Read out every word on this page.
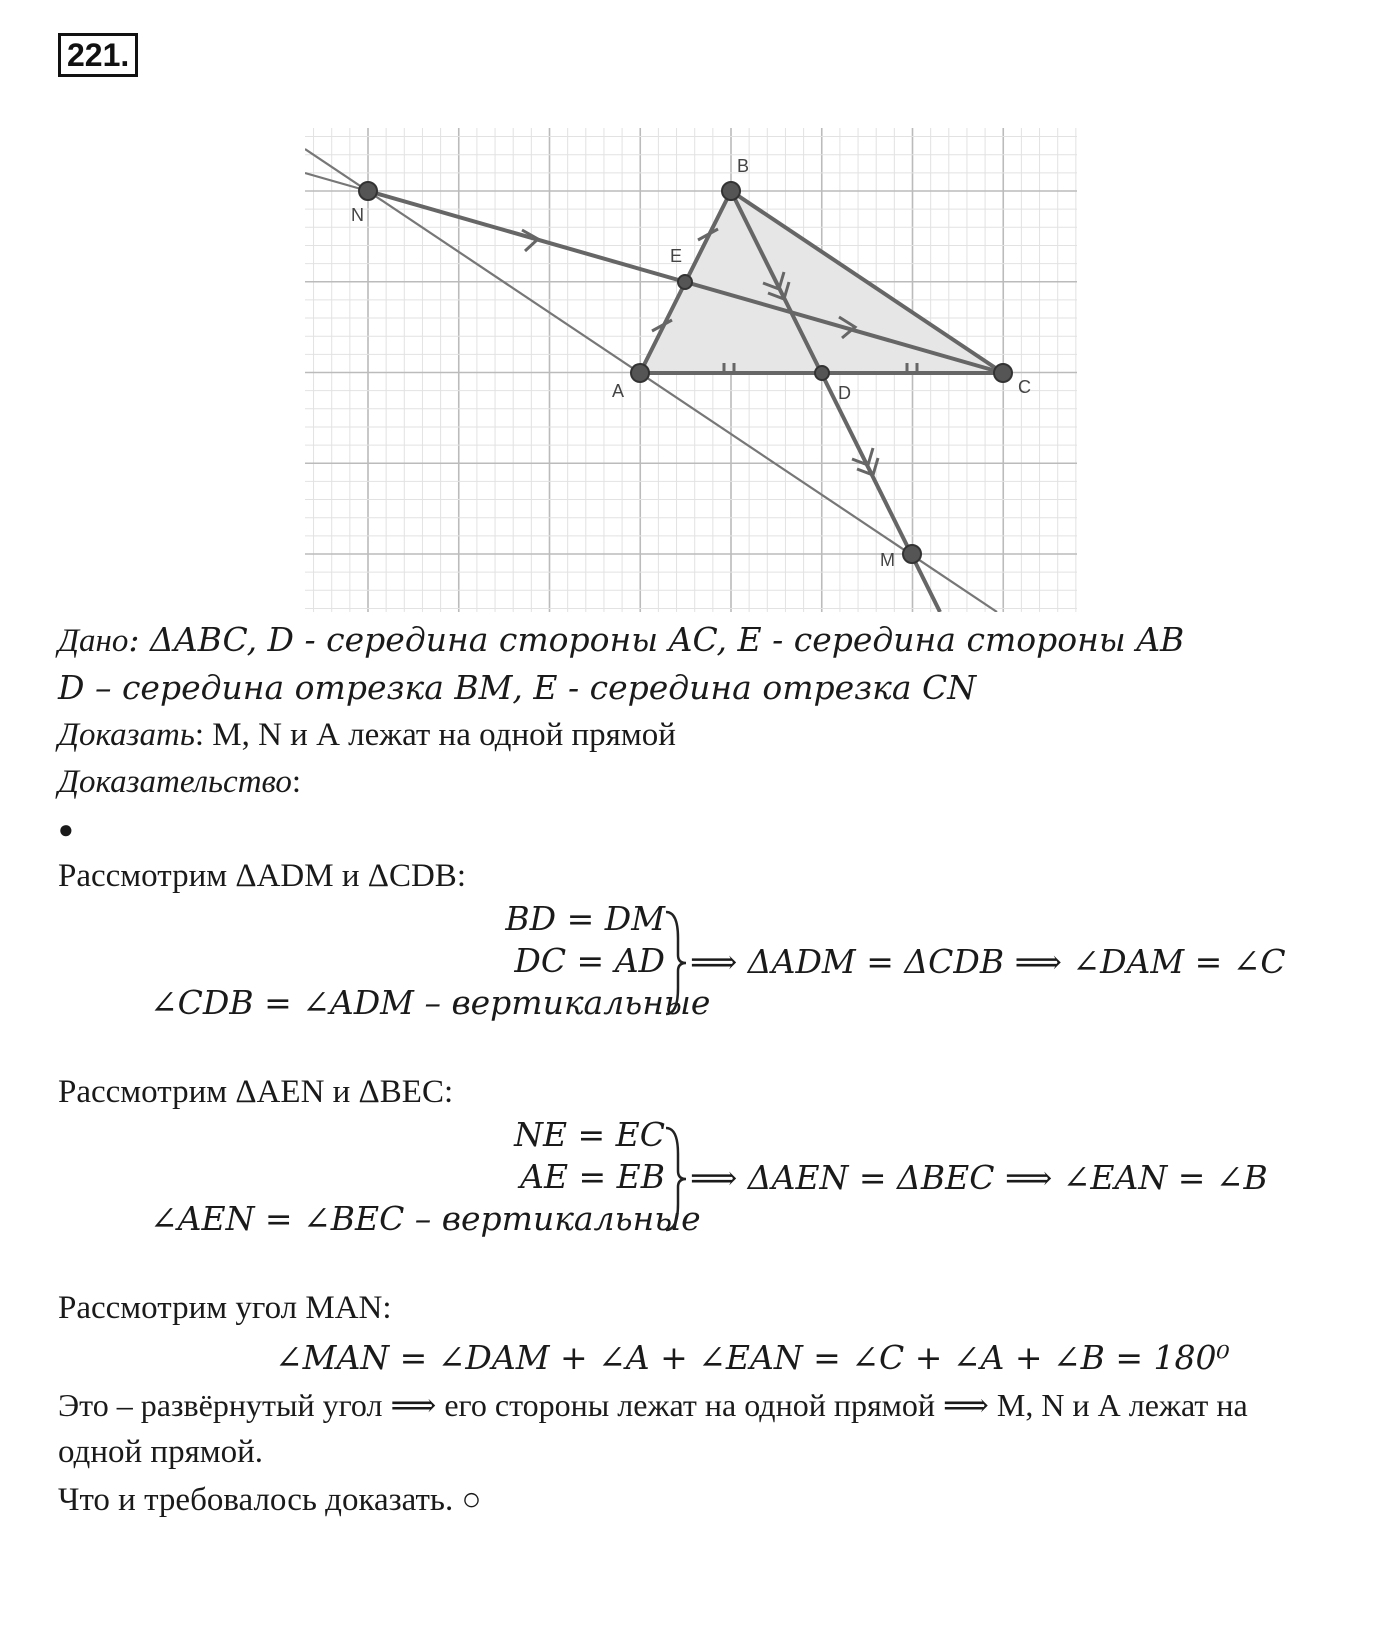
221.
B
N
E
A	D	C
M
Дано: ΔABC, D - середина стороны AC, E - середина стороны AB
D – середина отрезка BM, E - середина отрезка CN
Доказать: M, N и А лежат на одной прямой
Доказательство:
●
Рассмотрим ΔADM и ΔCDB:
BD = DM
DC = AD
∠CDB = ∠ADM – вертикальные
⟹ ΔADM = ΔCDB ⟹ ∠DAM = ∠C
Рассмотрим ΔAEN и ΔBEC:
NE = EC
AE = EB
∠AEN = ∠BEC – вертикальные
⟹ ΔAEN = ΔBEC ⟹ ∠EAN = ∠B
Рассмотрим угол MAN:
∠MAN = ∠DAM + ∠A + ∠EAN = ∠C + ∠A + ∠B = 180⁰
Это – развёрнутый угол ⟹ его стороны лежат на одной прямой ⟹ M, N и А лежат на
одной прямой.
Что и требовалось доказать. ○
